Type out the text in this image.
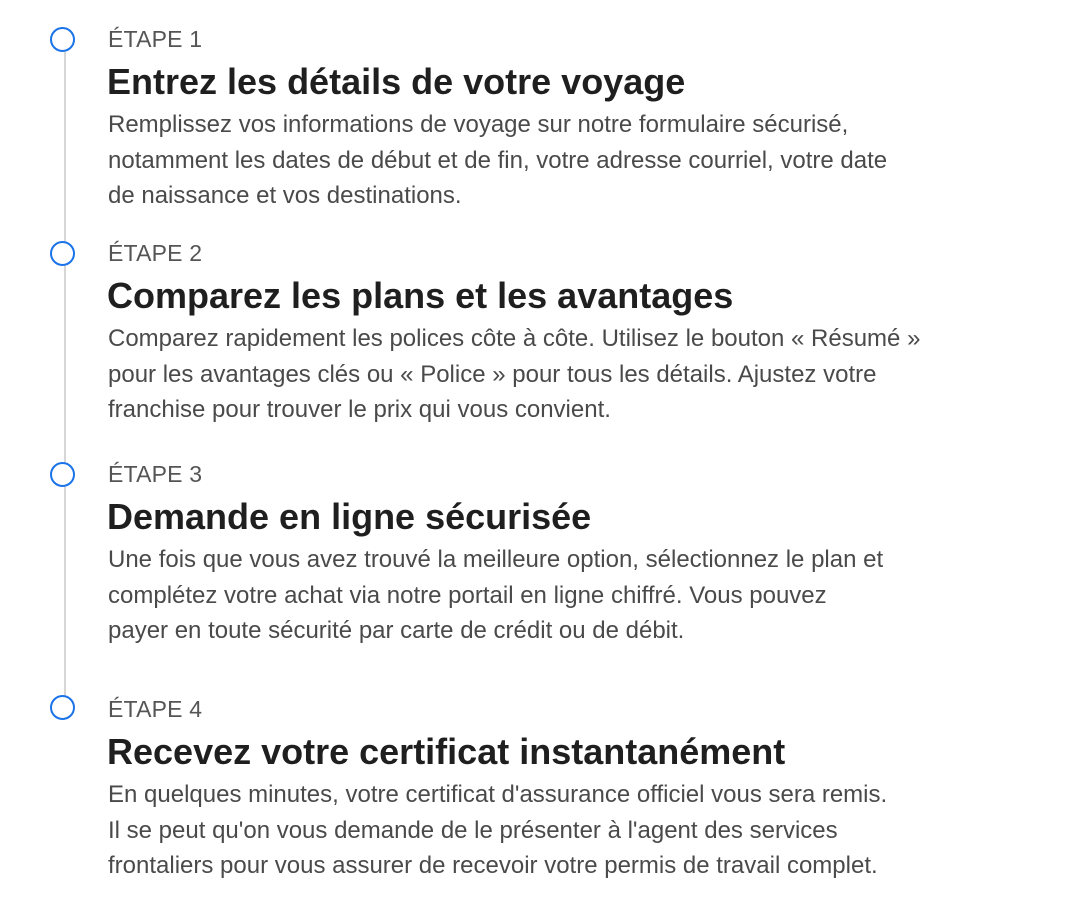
ÉTAPE 1
Entrez les détails de votre voyage
Remplissez vos informations de voyage sur notre formulaire sécurisé,
notamment les dates de début et de fin, votre adresse courriel, votre date
de naissance et vos destinations.
ÉTAPE 2
Comparez les plans et les avantages
Comparez rapidement les polices côte à côte. Utilisez le bouton « Résumé »
pour les avantages clés ou « Police » pour tous les détails. Ajustez votre
franchise pour trouver le prix qui vous convient.
ÉTAPE 3
Demande en ligne sécurisée
Une fois que vous avez trouvé la meilleure option, sélectionnez le plan et
complétez votre achat via notre portail en ligne chiffré. Vous pouvez
payer en toute sécurité par carte de crédit ou de débit.
ÉTAPE 4
Recevez votre certificat instantanément
En quelques minutes, votre certificat d'assurance officiel vous sera remis.
Il se peut qu'on vous demande de le présenter à l'agent des services
frontaliers pour vous assurer de recevoir votre permis de travail complet.
